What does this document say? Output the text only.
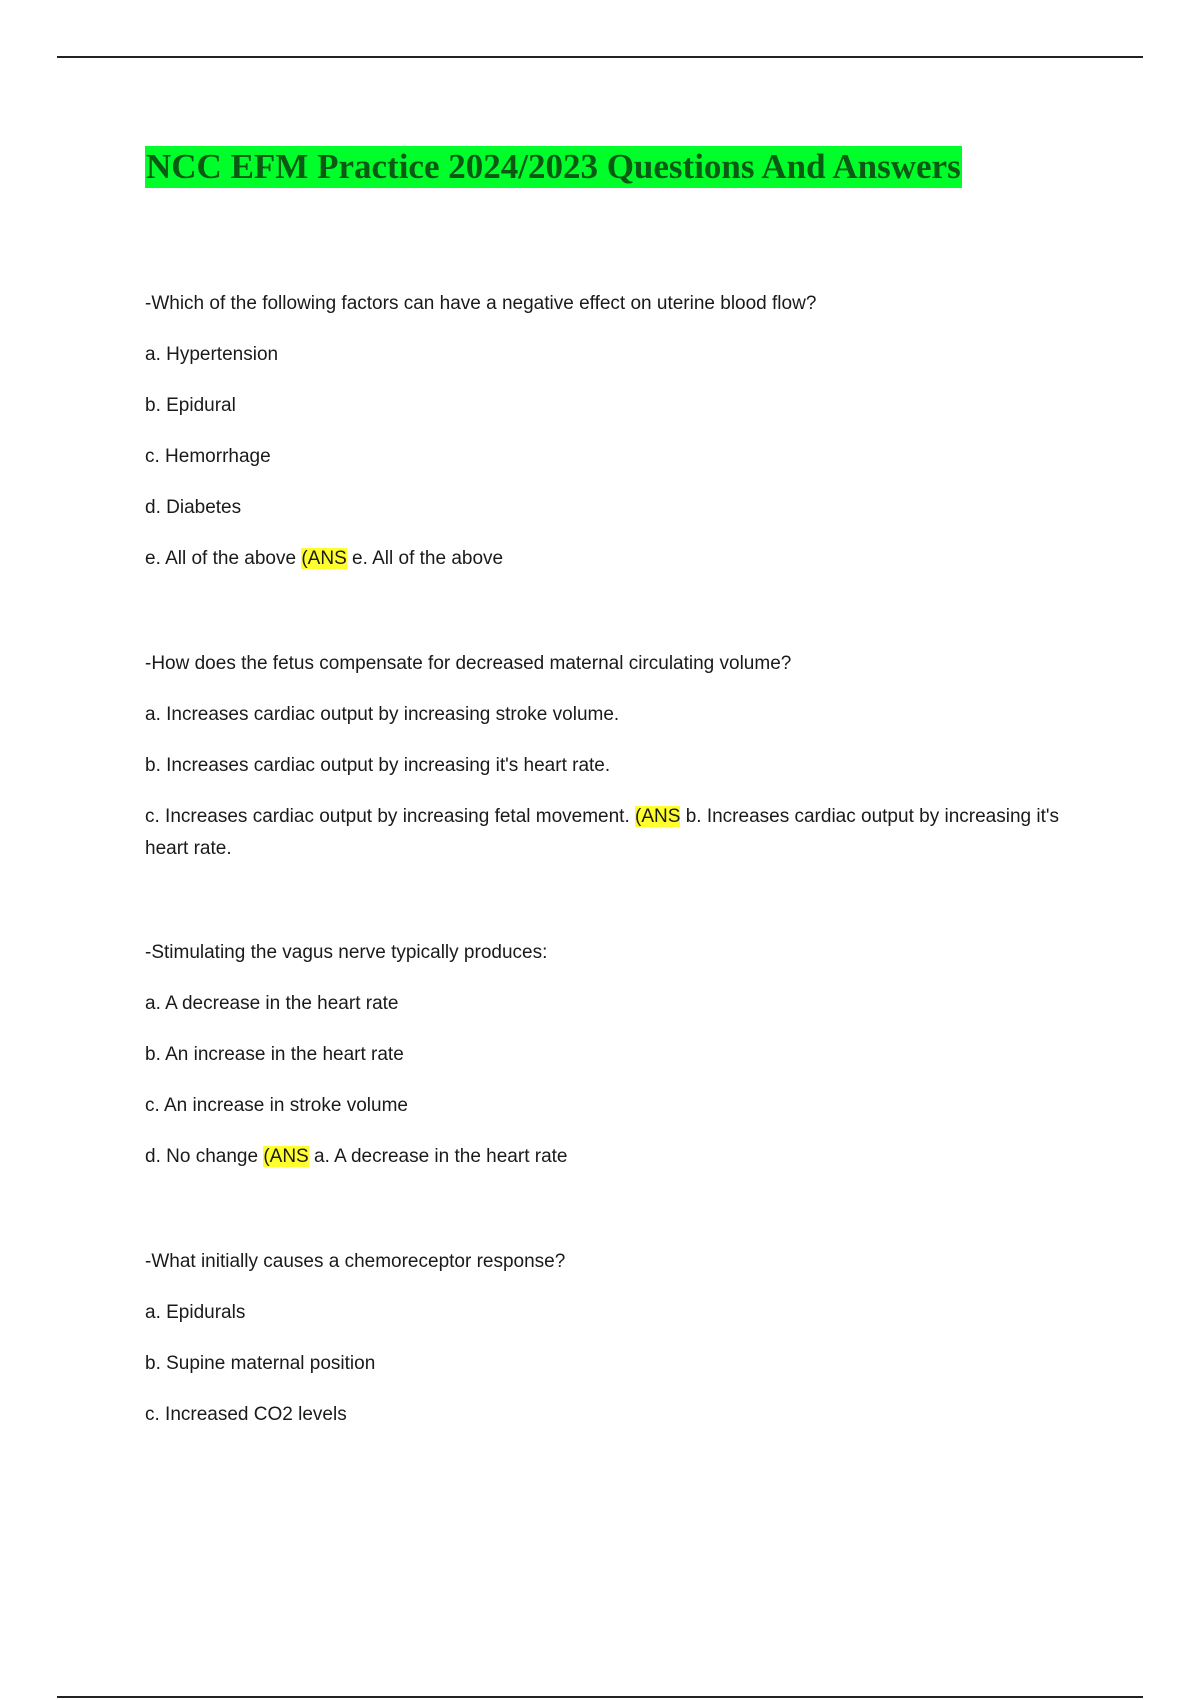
NCC EFM Practice 2024/2023 Questions And Answers
-Which of the following factors can have a negative effect on uterine blood flow?
a. Hypertension
b. Epidural
c. Hemorrhage
d. Diabetes
e. All of the above (ANS e. All of the above
-How does the fetus compensate for decreased maternal circulating volume?
a. Increases cardiac output by increasing stroke volume.
b. Increases cardiac output by increasing it's heart rate.
c. Increases cardiac output by increasing fetal movement. (ANS b. Increases cardiac output by increasing it's heart rate.
-Stimulating the vagus nerve typically produces:
a. A decrease in the heart rate
b. An increase in the heart rate
c. An increase in stroke volume
d. No change (ANS a. A decrease in the heart rate
-What initially causes a chemoreceptor response?
a. Epidurals
b. Supine maternal position
c. Increased CO2 levels
